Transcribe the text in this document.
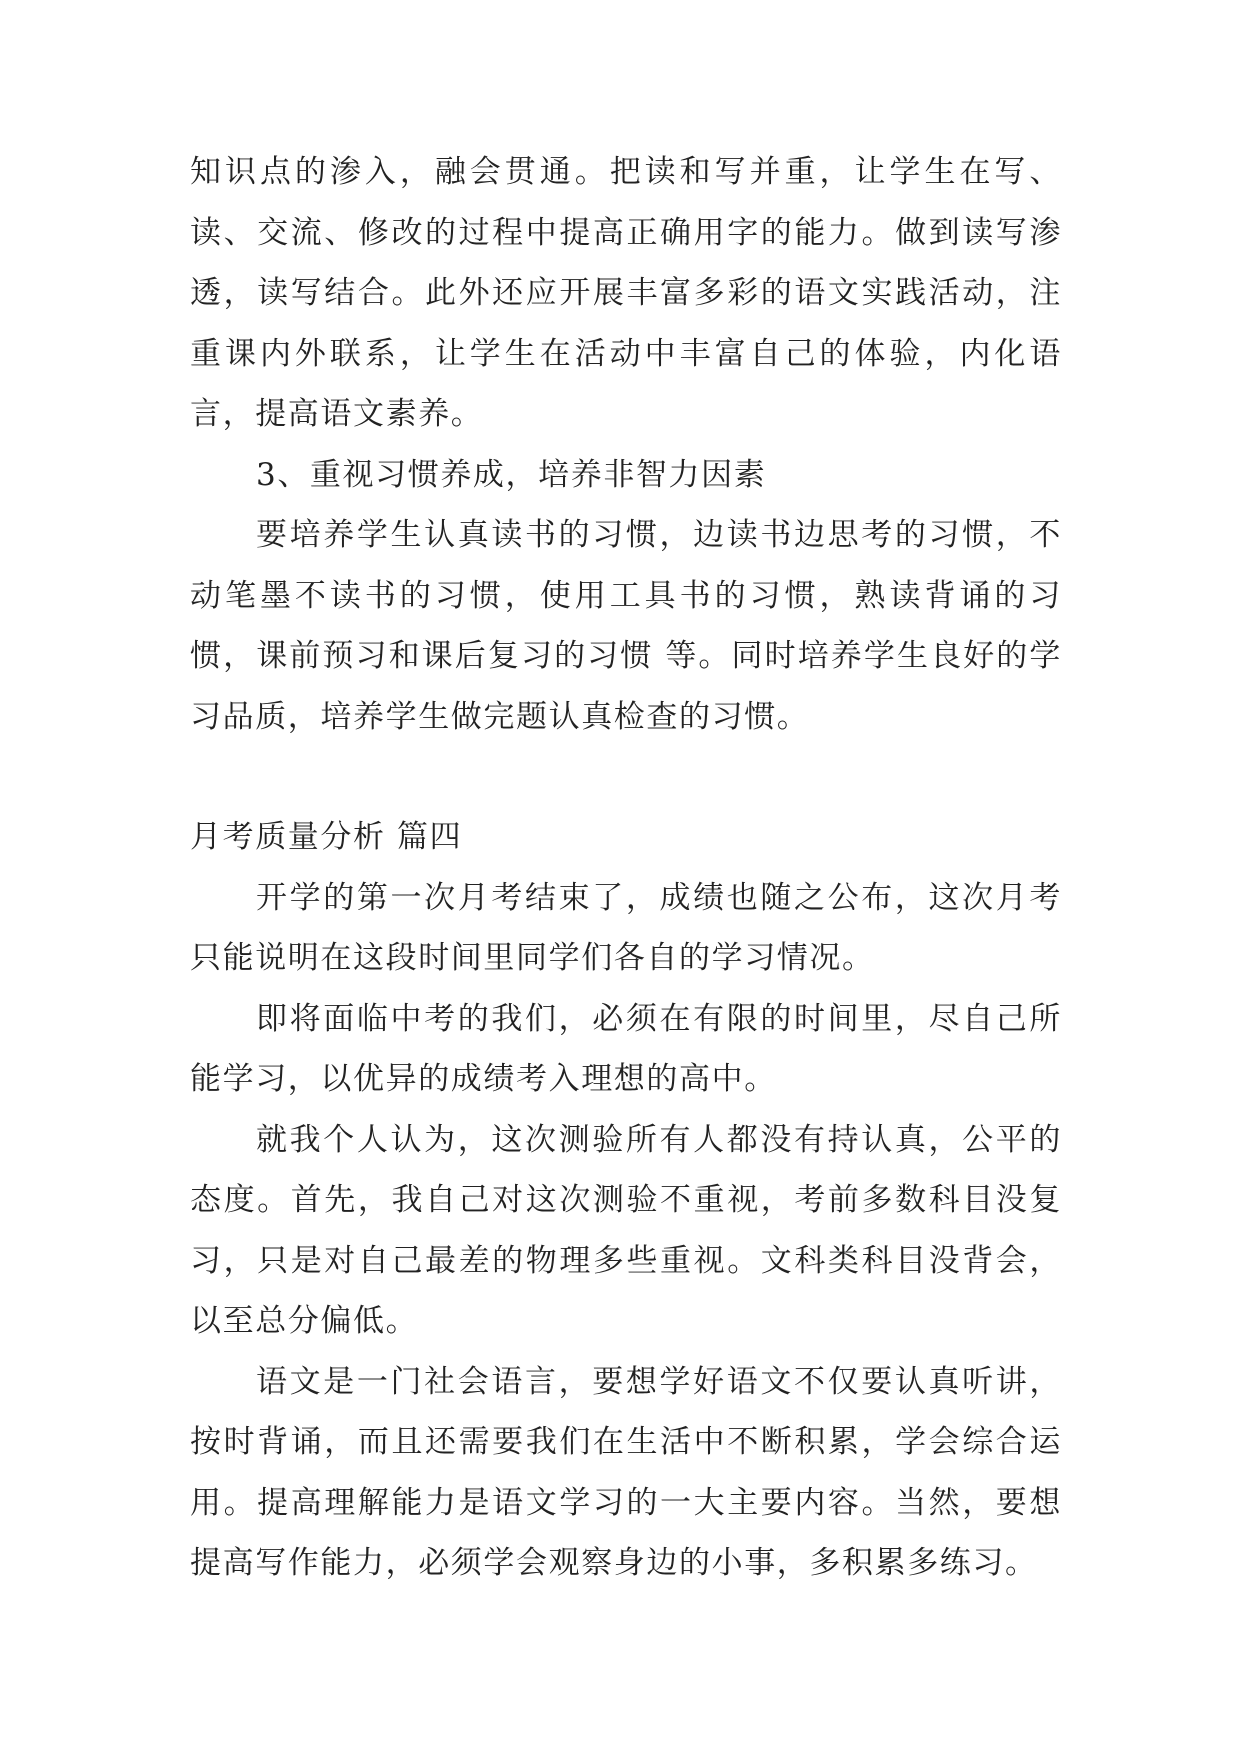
知识点的渗入，融会贯通。把读和写并重，让学生在写、读、交流、修改的过程中提高正确用字的能力。做到读写渗透，读写结合。此外还应开展丰富多彩的语文实践活动，注重课内外联系，让学生在活动中丰富自己的体验，内化语言，提高语文素养。

3、重视习惯养成，培养非智力因素

要培养学生认真读书的习惯，边读书边思考的习惯，不动笔墨不读书的习惯，使用工具书的习惯，熟读背诵的习惯，课前预习和课后复习的习惯 等。同时培养学生良好的学习品质，培养学生做完题认真检查的习惯。

月考质量分析 篇四

开学的第一次月考结束了，成绩也随之公布，这次月考只能说明在这段时间里同学们各自的学习情况。

即将面临中考的我们，必须在有限的时间里，尽自己所能学习，以优异的成绩考入理想的高中。

就我个人认为，这次测验所有人都没有持认真，公平的态度。首先，我自己对这次测验不重视，考前多数科目没复习，只是对自己最差的物理多些重视。文科类科目没背会，以至总分偏低。

语文是一门社会语言，要想学好语文不仅要认真听讲，按时背诵，而且还需要我们在生活中不断积累，学会综合运用。提高理解能力是语文学习的一大主要内容。当然，要想提高写作能力，必须学会观察身边的小事，多积累多练习。
